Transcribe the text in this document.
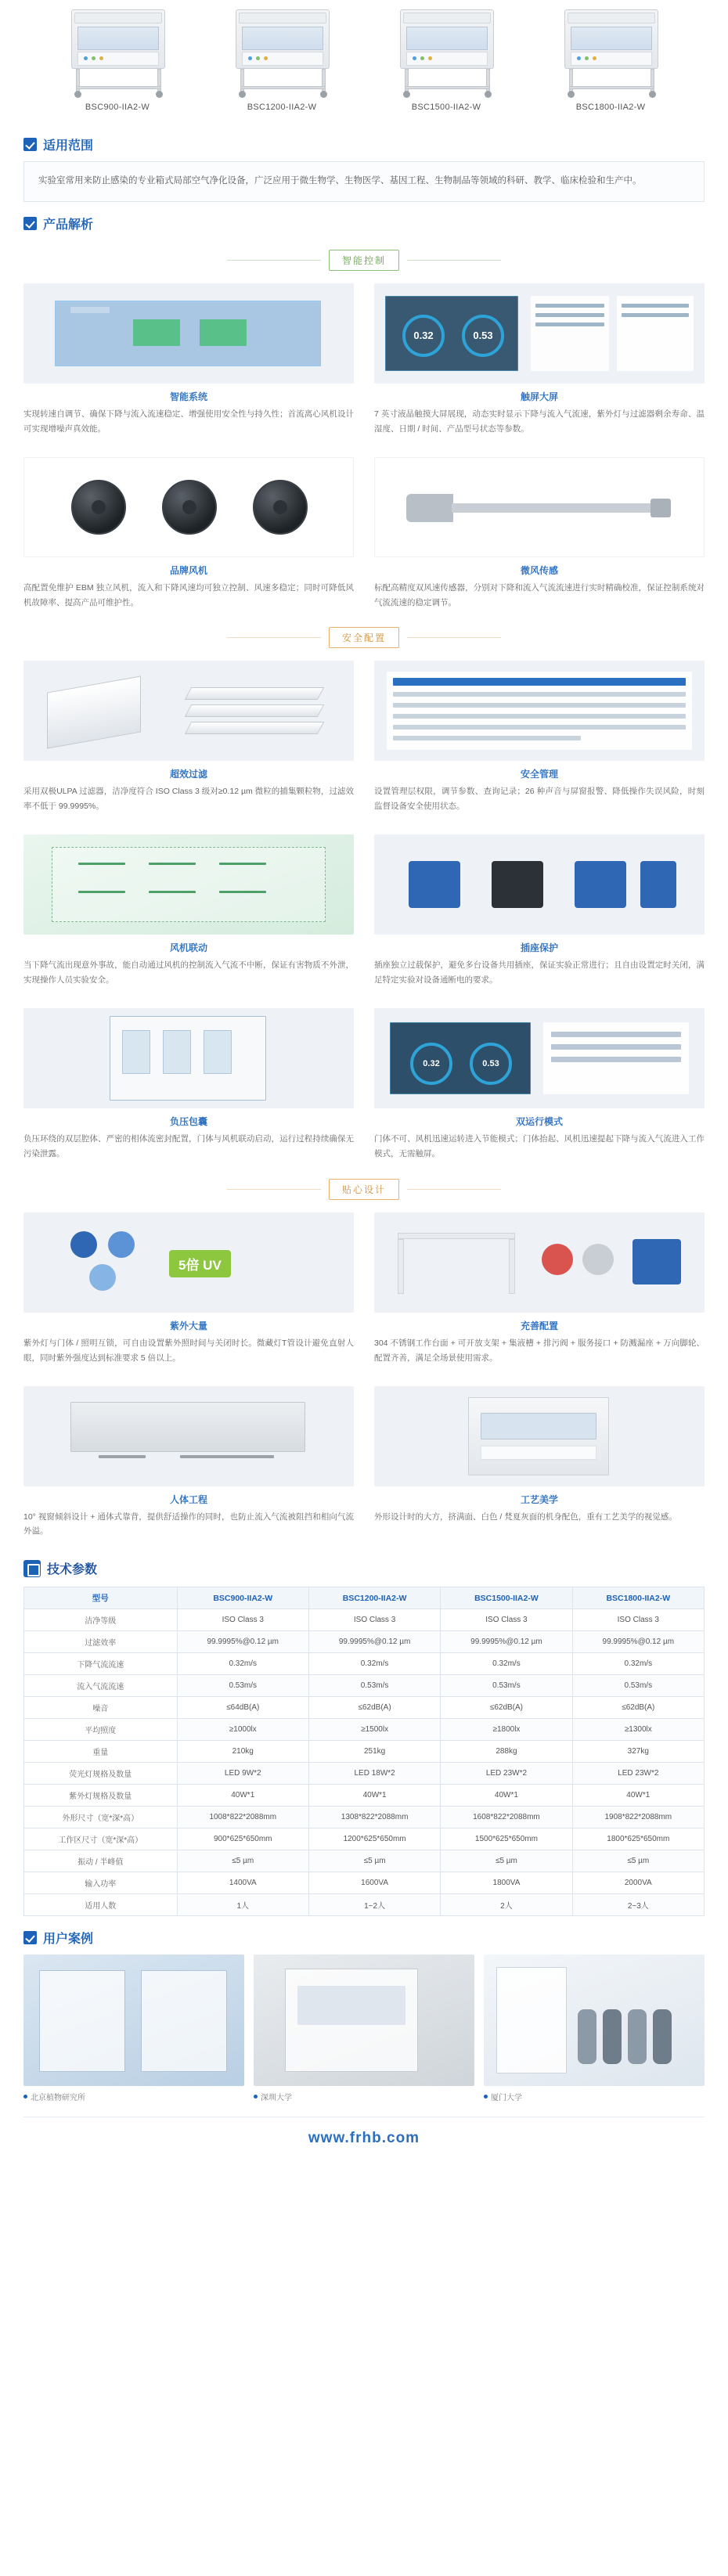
BSC900-IIA2-W	BSC1200-IIA2-W	BSC1500-IIA2-W	BSC1800-IIA2-W
适用范围
实验室常用来防止感染的专业箱式局部空气净化设备，广泛应用于微生物学、生物医学、基因工程、生物制品等领域的科研、教学、临床检验和生产中。
产品解析
智能控制
智能系统
实现转速自调节、确保下降与流入流速稳定、增强使用安全性与持久性；首流离心风机设计可实现增噪声真效能。
0.32	0.53
触屏大屏
7 英寸液晶触摸大屏展现，动态实时显示下降与流入气流速，紫外灯与过滤器剩余寿命、温湿度、日期 / 时间、产品型号状态等参数。
品牌风机
高配置免维护 EBM 独立风机，流入和下降风速均可独立控制、风速多稳定；同时可降低风机故障率、提高产品可维护性。
微风传感
标配高精度双风速传感器，分别对下降和流入气流流速进行实时精确校准，保证控制系统对气流流速的稳定调节。
安全配置
超效过滤
采用双极ULPA 过滤器，洁净度符合 ISO Class 3 级对≥0.12 µm 微粒的捕集颗粒物，过滤效率不低于 99.9995%。
安全管理
设置管理层权限，调节参数、查询记录；26 种声音与屏窗报警、降低操作失误风险，时刻监督设备安全使用状态。
风机联动
当下降气流出现意外事故，能自动通过风机的控制流入气流不中断，保证有害物质不外泄，实现操作人员实验安全。
插座保护
插座独立过载保护，避免多台设备共用插座，保证实验正常进行；且自由设置定时关闭，满足特定实验对设备通断电的要求。
负压包囊
负压环绕的双层腔体、严密的相体流密封配置，门体与风机联动启动，运行过程持续确保无污染泄露。
0.32	0.53
双运行模式
门体不可、风机迅速运转进入节能模式；门体抬起、风机迅速提起下降与流入气流进入工作模式，无需触屏。
贴心设计
5倍 UV
紫外大量
紫外灯与门体 / 照明互锁，可自由设置紫外照时间与关闭时长。微藏灯T管设计避免直射人眼，同时紫外强度达到标准要求 5 倍以上。
充善配置
304 不锈钢工作台面 + 可开放支架 + 集液槽 + 排污阀 + 服务接口 + 防溅漏座 + 万向脚轮、配置齐善，满足全场景使用需求。
人体工程
10° 视窗倾斜设计 + 通体式靠背，提供舒适操作的同时，也防止流入气流被阻挡和相向气流外溢。
工艺美学
外形设计时的大方，挤满面、白色 / 梵夏灰面的机身配色，重有工艺美学的视觉感。
技术参数
型号	BSC900-IIA2-W	BSC1200-IIA2-W	BSC1500-IIA2-W	BSC1800-IIA2-W
洁净等级	ISO Class 3	ISO Class 3	ISO Class 3	ISO Class 3
过滤效率	99.9995%@0.12 µm	99.9995%@0.12 µm	99.9995%@0.12 µm	99.9995%@0.12 µm
下降气流流速	0.32m/s	0.32m/s	0.32m/s	0.32m/s
流入气流流速	0.53m/s	0.53m/s	0.53m/s	0.53m/s
噪音	≤64dB(A)	≤62dB(A)	≤62dB(A)	≤62dB(A)
平均照度	≥1000lx	≥1500lx	≥1800lx	≥1300lx
重量	210kg	251kg	288kg	327kg
荧光灯规格及数量	LED 9W*2	LED 18W*2	LED 23W*2	LED 23W*2
紫外灯规格及数量	40W*1	40W*1	40W*1	40W*1
外形尺寸（宽*深*高）	1008*822*2088mm	1308*822*2088mm	1608*822*2088mm	1908*822*2088mm
工作区尺寸（宽*深*高）	900*625*650mm	1200*625*650mm	1500*625*650mm	1800*625*650mm
振动 / 半峰值	≤5 µm	≤5 µm	≤5 µm	≤5 µm
输入功率	1400VA	1600VA	1800VA	2000VA
适用人数	1人	1~2人	2人	2~3人
用户案例
北京植物研究所	深圳大学	厦门大学
www.frhb.com
